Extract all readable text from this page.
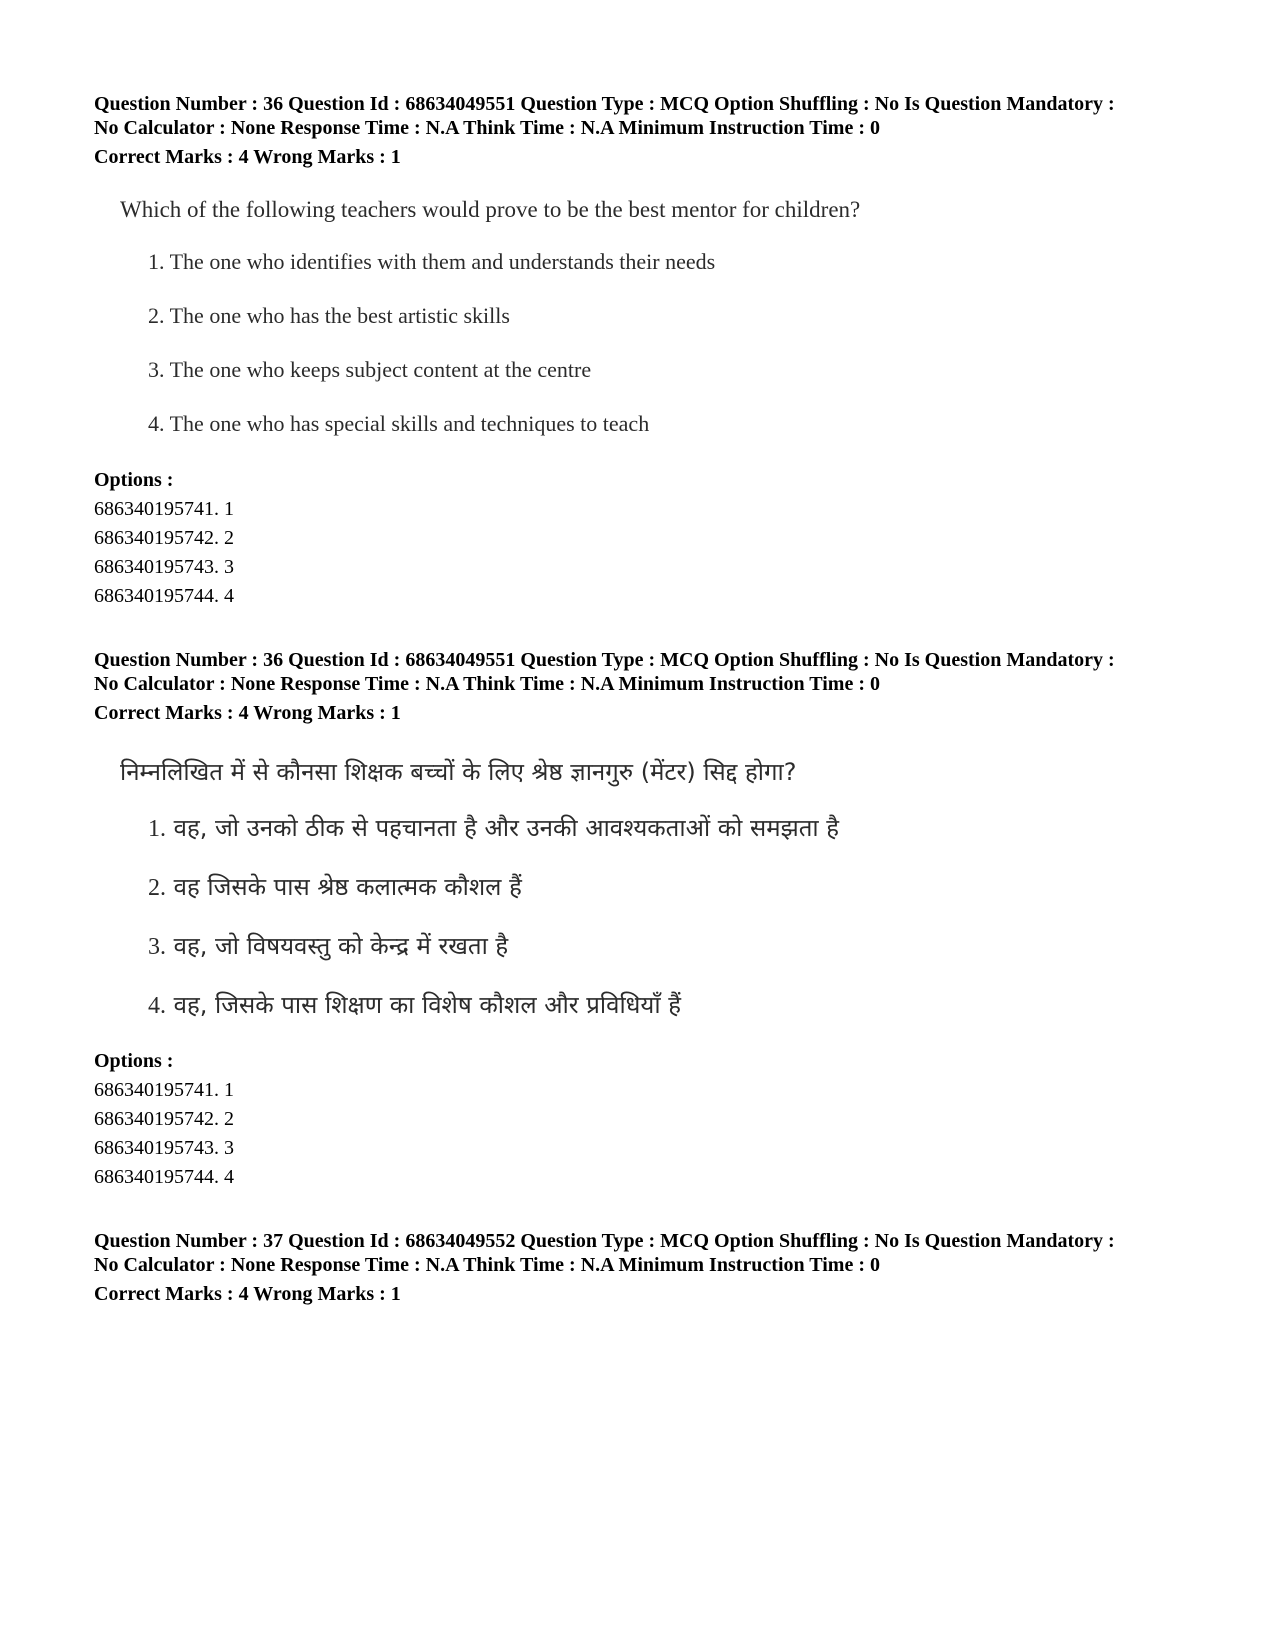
Question Number : 36 Question Id : 68634049551 Question Type : MCQ Option Shuffling : No Is Question Mandatory :
No Calculator : None Response Time : N.A Think Time : N.A Minimum Instruction Time : 0
Correct Marks : 4 Wrong Marks : 1
Which of the following teachers would prove to be the best mentor for children?
1. The one who identifies with them and understands their needs
2. The one who has the best artistic skills
3. The one who keeps subject content at the centre
4. The one who has special skills and techniques to teach
Options :
686340195741. 1
686340195742. 2
686340195743. 3
686340195744. 4
Question Number : 36 Question Id : 68634049551 Question Type : MCQ Option Shuffling : No Is Question Mandatory :
No Calculator : None Response Time : N.A Think Time : N.A Minimum Instruction Time : 0
Correct Marks : 4 Wrong Marks : 1
निम्नलिखित में से कौनसा शिक्षक बच्चों के लिए श्रेष्ठ ज्ञानगुरु (मेंटर) सिद्द होगा?
1. वह, जो उनको ठीक से पहचानता है और उनकी आवश्यकताओं को समझता है
2. वह जिसके पास श्रेष्ठ कलात्मक कौशल हैं
3. वह, जो विषयवस्तु को केन्द्र में रखता है
4. वह, जिसके पास शिक्षण का विशेष कौशल और प्रविधियाँ हैं
Options :
686340195741. 1
686340195742. 2
686340195743. 3
686340195744. 4
Question Number : 37 Question Id : 68634049552 Question Type : MCQ Option Shuffling : No Is Question Mandatory :
No Calculator : None Response Time : N.A Think Time : N.A Minimum Instruction Time : 0
Correct Marks : 4 Wrong Marks : 1
